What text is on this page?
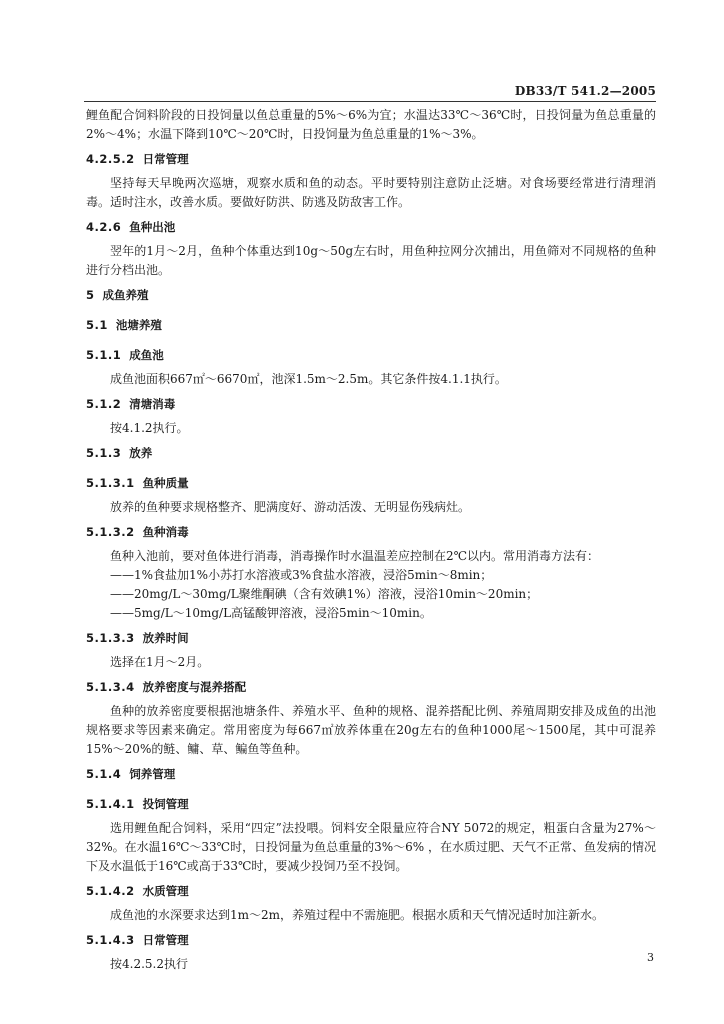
DB33/T 541.2—2005

鲤鱼配合饲料阶段的日投饲量以鱼总重量的5%～6%为宜；水温达33℃～36℃时，日投饲量为鱼总重量的2%～4%；水温下降到10℃～20℃时，日投饲量为鱼总重量的1%～3%。

4.2.5.2 日常管理

坚持每天早晚两次巡塘，观察水质和鱼的动态。平时要特别注意防止泛塘。对食场要经常进行清理消毒。适时注水，改善水质。要做好防洪、防逃及防敌害工作。

4.2.6 鱼种出池

翌年的1月～2月，鱼种个体重达到10g～50g左右时，用鱼种拉网分次捕出，用鱼筛对不同规格的鱼种进行分档出池。

5 成鱼养殖
5.1 池塘养殖
5.1.1 成鱼池

成鱼池面积667㎡～6670㎡，池深1.5m～2.5m。其它条件按4.1.1执行。

5.1.2 清塘消毒

按4.1.2执行。

5.1.3 放养
5.1.3.1 鱼种质量

放养的鱼种要求规格整齐、肥满度好、游动活泼、无明显伤残病灶。

5.1.3.2 鱼种消毒

鱼种入池前，要对鱼体进行消毒，消毒操作时水温温差应控制在2℃以内。常用消毒方法有：

——1%食盐加1%小苏打水溶液或3%食盐水溶液，浸浴5min～8min；
——20mg/L～30mg/L聚维酮碘（含有效碘1%）溶液，浸浴10min～20min；
——5mg/L～10mg/L高锰酸钾溶液，浸浴5min～10min。
5.1.3.3 放养时间

选择在1月～2月。

5.1.3.4 放养密度与混养搭配

鱼种的放养密度要根据池塘条件、养殖水平、鱼种的规格、混养搭配比例、养殖周期安排及成鱼的出池规格要求等因素来确定。常用密度为每667㎡放养体重在20g左右的鱼种1000尾～1500尾，其中可混养15%～20%的鲢、鳙、草、鳊鱼等鱼种。

5.1.4 饲养管理
5.1.4.1 投饲管理

选用鲤鱼配合饲料，采用“四定”法投喂。饲料安全限量应符合NY 5072的规定，粗蛋白含量为27%～32%。在水温16℃～33℃时，日投饲量为鱼总重量的3%～6% ，在水质过肥、天气不正常、鱼发病的情况下及水温低于16℃或高于33℃时，要减少投饲乃至不投饲。

5.1.4.2 水质管理

成鱼池的水深要求达到1m～2m，养殖过程中不需施肥。根据水质和天气情况适时加注新水。

5.1.4.3 日常管理

按4.2.5.2执行	3
